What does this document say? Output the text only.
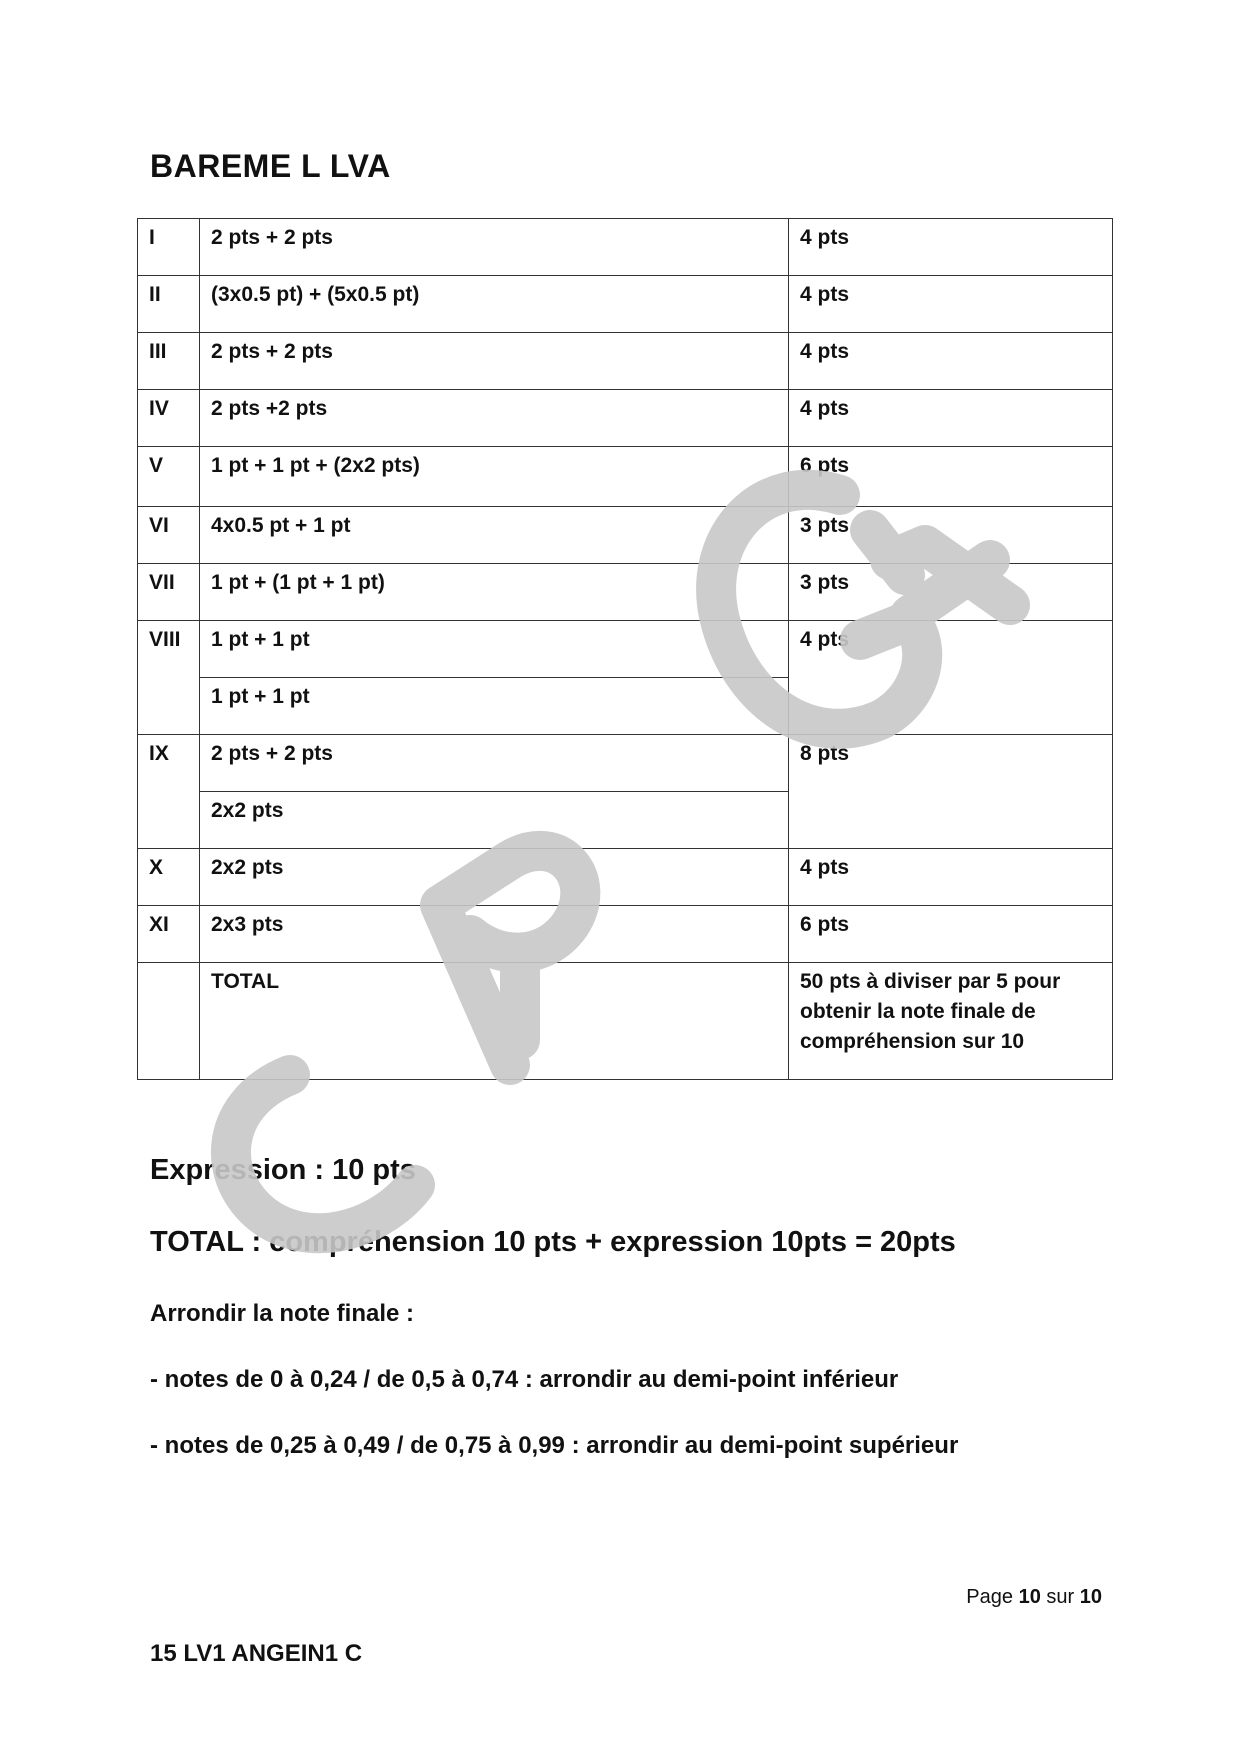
BAREME L LVA
I	2 pts + 2 pts	4 pts
II	(3x0.5 pt) + (5x0.5 pt)	4 pts
III	2 pts + 2 pts	4 pts
IV	2 pts +2 pts	4 pts
V	1 pt + 1 pt + (2x2 pts)	6 pts
VI	4x0.5 pt + 1 pt	3 pts
VII	1 pt + (1 pt + 1 pt)	3 pts
VIII	1 pt + 1 pt	4 pts
	1 pt + 1 pt	
IX	2 pts + 2 pts	8 pts
	2x2 pts	
X	2x2 pts	4 pts
XI	2x3 pts	6 pts
	TOTAL	50 pts à diviser par 5 pour obtenir la note finale de compréhension sur 10
Expression : 10 pts
TOTAL : compréhension 10 pts + expression 10pts = 20pts
Arrondir la note finale :
- notes de 0 à 0,24 / de 0,5 à 0,74 : arrondir au demi-point inférieur
- notes de 0,25 à 0,49 / de 0,75 à 0,99 : arrondir au demi-point supérieur
Page 10 sur 10
15 LV1 ANGEIN1 C
